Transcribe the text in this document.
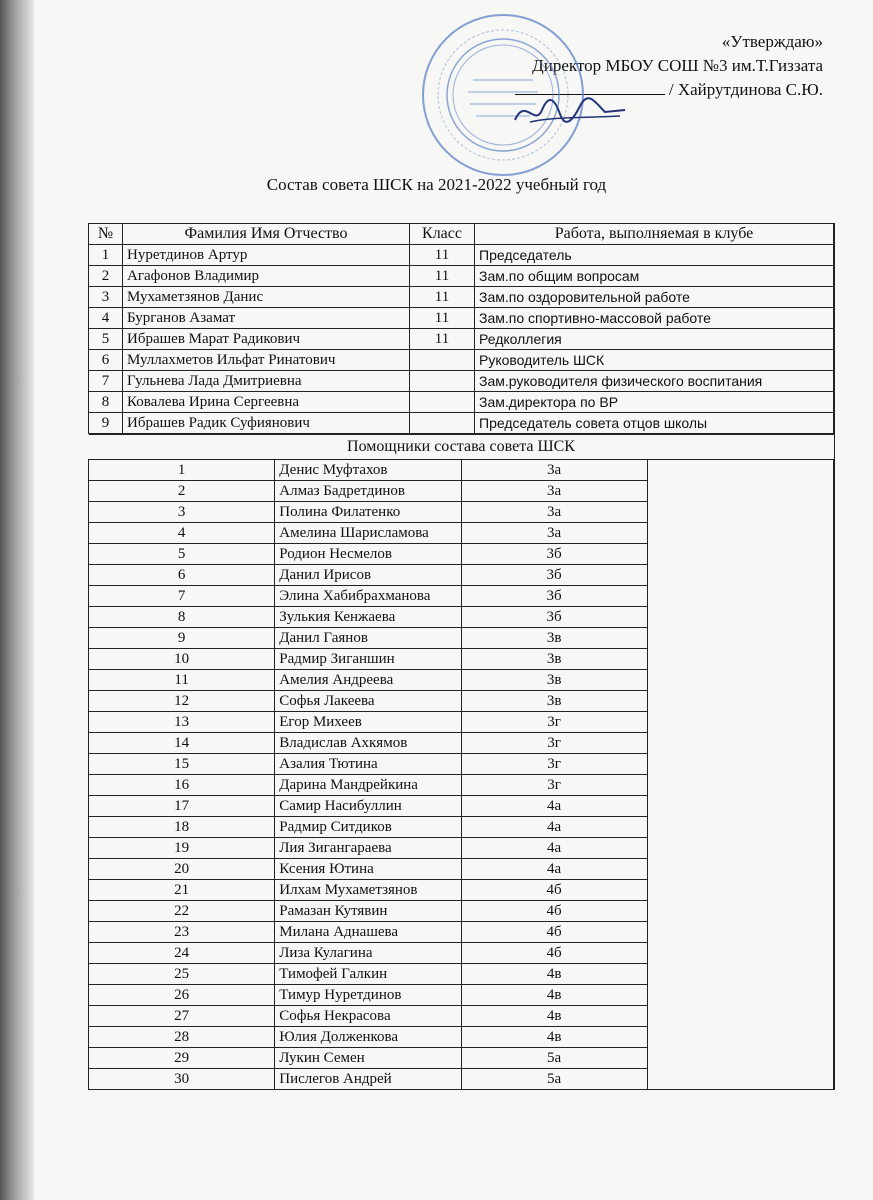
«Утверждаю»
Директор МБОУ СОШ №3 им.Т.Гиззата
/ Хайрутдинова С.Ю.
Состав совета ШСК на 2021-2022 учебный год
№	Фамилия Имя Отчество	Класс	Работа, выполняемая в клубе
1	Нуретдинов Артур	11	Председатель
2	Агафонов Владимир	11	Зам.по общим вопросам
3	Мухаметзянов Данис	11	Зам.по оздоровительной работе
4	Бурганов Азамат	11	Зам.по спортивно-массовой работе
5	Ибрашев Марат Радикович	11	Редколлегия
6	Муллахметов Ильфат Ринатович		Руководитель ШСК
7	Гульнева Лада Дмитриевна		Зам.руководителя физического воспитания
8	Ковалева Ирина Сергеевна		Зам.директора по ВР
9	Ибрашев Радик Суфиянович		Председатель совета отцов школы
Помощники состава совета ШСК			
1	Денис Муфтахов	3а	
2	Алмаз Бадретдинов	3а	
3	Полина Филатенко	3а	
4	Амелина Шарисламова	3а	
5	Родион Несмелов	3б	
6	Данил Ирисов	3б	
7	Элина Хабибрахманова	3б	
8	Зулькия Кенжаева	3б	
9	Данил Гаянов	3в	
10	Радмир Зиганшин	3в	
11	Амелия Андреева	3в	
12	Софья Лакеева	3в	
13	Егор Михеев	3г	
14	Владислав Ахкямов	3г	
15	Азалия Тютина	3г	
16	Дарина Мандрейкина	3г	
17	Самир Насибуллин	4а	
18	Радмир Ситдиков	4а	
19	Лия Зигангараева	4а	
20	Ксения Ютина	4а	
21	Илхам Мухаметзянов	4б	
22	Рамазан Кутявин	4б	
23	Милана Аднашева	4б	
24	Лиза Кулагина	4б	
25	Тимофей Галкин	4в	
26	Тимур Нуретдинов	4в	
27	Софья Некрасова	4в	
28	Юлия Долженкова	4в	
29	Лукин Семен	5а	
30	Пислегов Андрей	5а	
